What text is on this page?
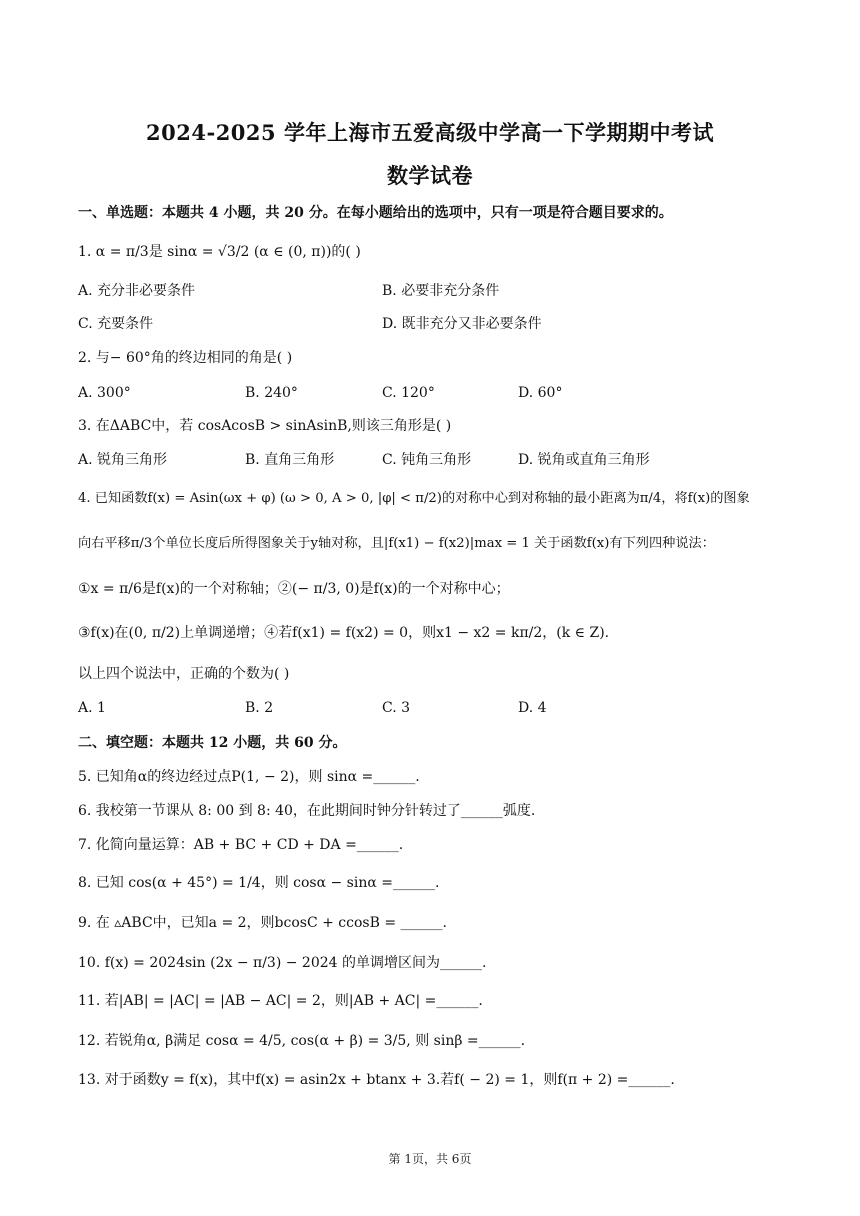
2024-2025 学年上海市五爱高级中学高一下学期期中考试
数学试卷
一、单选题：本题共 4 小题，共 20 分。在每小题给出的选项中，只有一项是符合题目要求的。
1. α = π/3是 sinα = √3/2 (α ∈ (0, π))的( )
A. 充分非必要条件	B. 必要非充分条件
C. 充要条件	D. 既非充分又非必要条件
2. 与− 60°角的终边相同的角是( )
A. 300°	B. 240°	C. 120°	D. 60°
3. 在ΔABC中，若 cosAcosB > sinAsinB,则该三角形是( )
A. 锐角三角形	B. 直角三角形	C. 钝角三角形	D. 锐角或直角三角形
4. 已知函数f(x) = Asin(ωx + φ) (ω > 0, A > 0, |φ| < π/2)的对称中心到对称轴的最小距离为π/4，将f(x)的图象
向右平移π/3个单位长度后所得图象关于y轴对称，且|f(x1) − f(x2)|max = 1 关于函数f(x)有下列四种说法：
①x = π/6是f(x)的一个对称轴；②(− π/3, 0)是f(x)的一个对称中心；
③f(x)在(0, π/2)上单调递增；④若f(x1) = f(x2) = 0，则x1 − x2 = kπ/2，(k ∈ Z).
以上四个说法中，正确的个数为( )
A. 1	B. 2	C. 3	D. 4
二、填空题：本题共 12 小题，共 60 分。
5. 已知角α的终边经过点P(1, − 2)，则 sinα =______.
6. 我校第一节课从 8: 00 到 8: 40，在此期间时钟分针转过了______弧度.
7. 化简向量运算：AB + BC + CD + DA =______.
8. 已知 cos(α + 45°) = 1/4，则 cosα − sinα =______.
9. 在 ▵ABC中，已知a = 2，则bcosC + ccosB = ______.
10. f(x) = 2024sin (2x − π/3) − 2024 的单调增区间为______.
11. 若|AB| = |AC| = |AB − AC| = 2，则|AB + AC| =______.
12. 若锐角α, β满足 cosα = 4/5, cos(α + β) = 3/5, 则 sinβ =______.
13. 对于函数y = f(x)，其中f(x) = asin2x + btanx + 3.若f( − 2) = 1，则f(π + 2) =______.
第 1页，共 6页
